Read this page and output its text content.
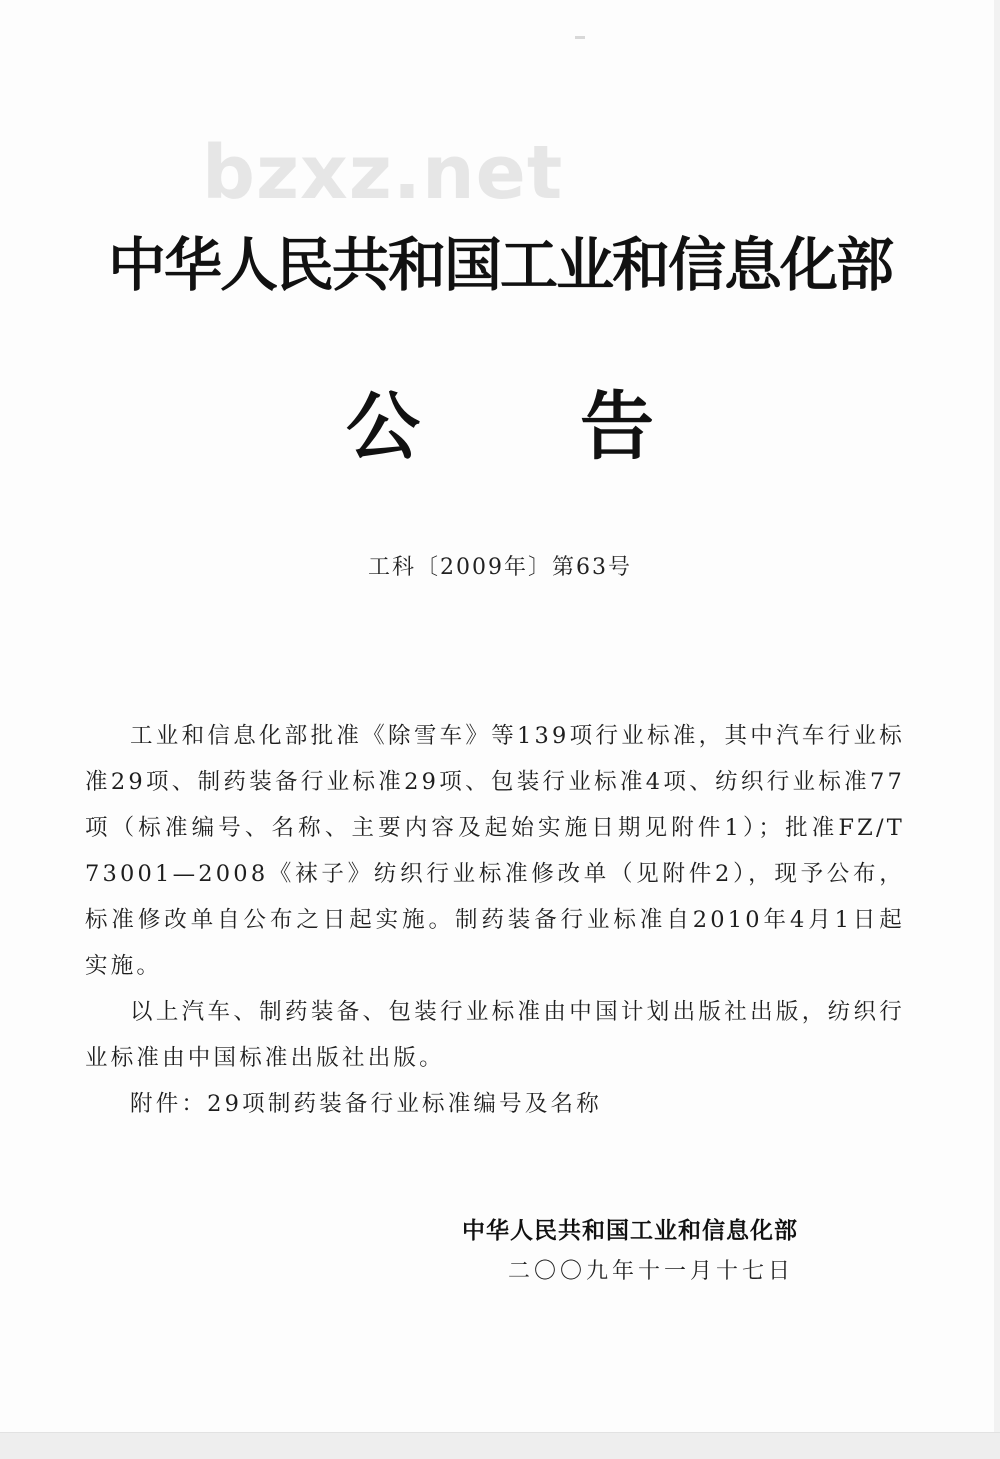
bzxz.net
中华人民共和国工业和信息化部
公 告
工科〔2009年〕第63号

工业和信息化部批准《除雪车》等139项行业标准，其中汽车行业标准29项、制药装备行业标准29项、包装行业标准4项、纺织行业标准77项（标准编号、名称、主要内容及起始实施日期见附件1）；批准FZ/T 73001—2008《袜子》纺织行业标准修改单（见附件2），现予公布，标准修改单自公布之日起实施。制药装备行业标准自2010年4月1日起实施。

以上汽车、制药装备、包装行业标准由中国计划出版社出版，纺织行业标准由中国标准出版社出版。

附件：29项制药装备行业标准编号及名称

中华人民共和国工业和信息化部
二〇〇九年十一月十七日
